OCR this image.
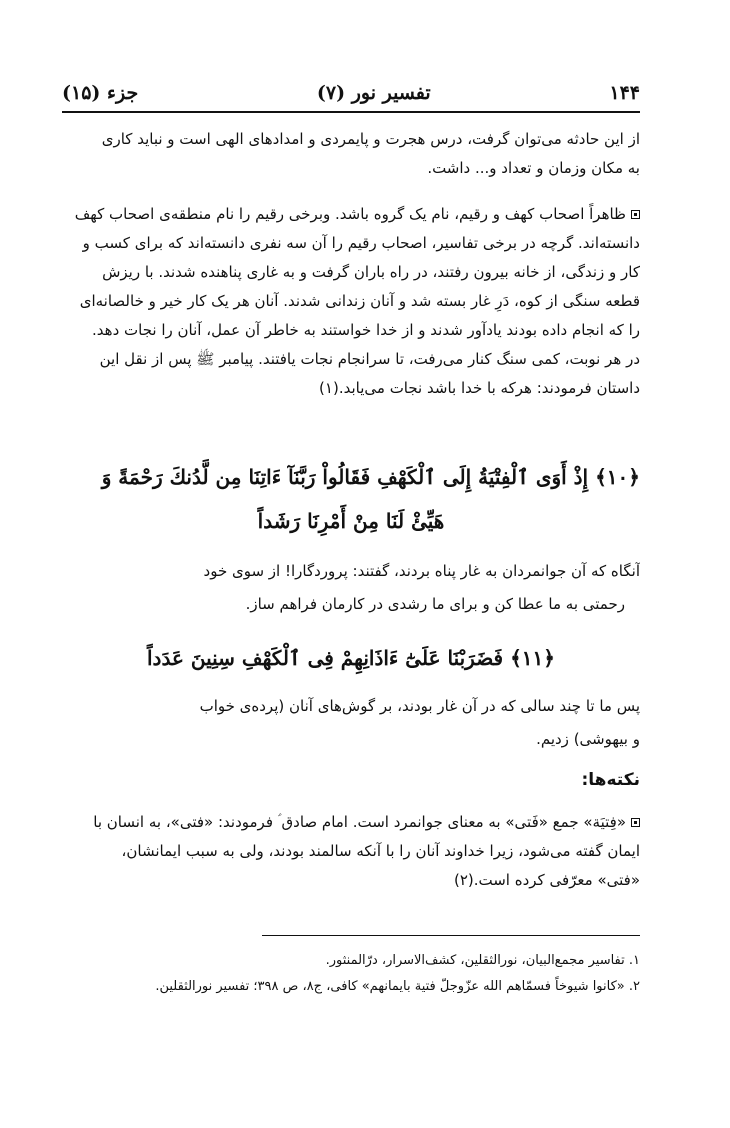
۱۴۴
تفسیر نور (۷)
جزء (۱۵)
از این حادثه می‌توان گرفت، درس هجرت و پایمردی و امدادهای الهی است و نباید کاری
به مکان وزمان و تعداد و... داشت.
ظاهراً اصحاب کهف و رقیم، نام یک گروه باشد. وبرخی رقیم را نام منطقه‌ی اصحاب کهف
دانسته‌اند. گرچه در برخی تفاسیر، اصحاب رقیم را آن سه نفری دانسته‌اند که برای کسب و
کار و زندگی، از خانه بیرون رفتند، در راه باران گرفت و به غاری پناهنده شدند. با ریزش
قطعه سنگی از کوه، دَرِ غار بسته شد و آنان زندانی شدند. آنان هر یک کار خیر و خالصانه‌ای
را که انجام داده بودند یادآور شدند و از خدا خواستند به خاطر آن عمل، آنان را نجات دهد.
در هر نوبت، کمی سنگ کنار می‌رفت، تا سرانجام نجات یافتند. پیامبر ﷺ پس از نقل این
داستان فرمودند: هرکه با خدا باشد نجات می‌یابد.(۱)
﴿۱۰﴾ إِذْ أَوَى ٱلْفِتْيَةُ إِلَى ٱلْكَهْفِ فَقَالُواْ رَبَّنَآ ءَاتِنَا مِن لَّدُنكَ رَحْمَةً وَ
هَيِّئْ لَنَا مِنْ أَمْرِنَا رَشَداً
آنگاه که آن جوانمردان به غار پناه بردند، گفتند: پروردگارا! از سوی خود
رحمتی به ما عطا کن و برای ما رشدی در کارمان فراهم ساز.
﴿۱۱﴾ فَضَرَبْنَا عَلَىٰٓ ءَاذَانِهِمْ فِى ٱلْكَهْفِ سِنِينَ عَدَداً
پس ما تا چند سالی که در آن غار بودند، بر گوش‌های آنان (پرده‌ی خواب
و بیهوشی) زدیم.
نکته‌ها:
«فِتیَة» جمع «فَتی» به معنای جوانمرد است. امام صادق ؑ فرمودند: «فتی»، به انسان با
ایمان گفته می‌شود، زیرا خداوند آنان را با آنکه سالمند بودند، ولی به سبب ایمانشان،
«فتی» معرّفی کرده است.(۲)
۱. تفاسیر مجمع‌البیان، نورالثقلین، کشف‌الاسرار، درّالمنثور.
۲. «کانوا شیوخاً فسمّاهم الله عزّوجلّ فتیة بایمانهم» کافی، ج۸، ص ۳۹۸؛ تفسیر نورالثقلین.
